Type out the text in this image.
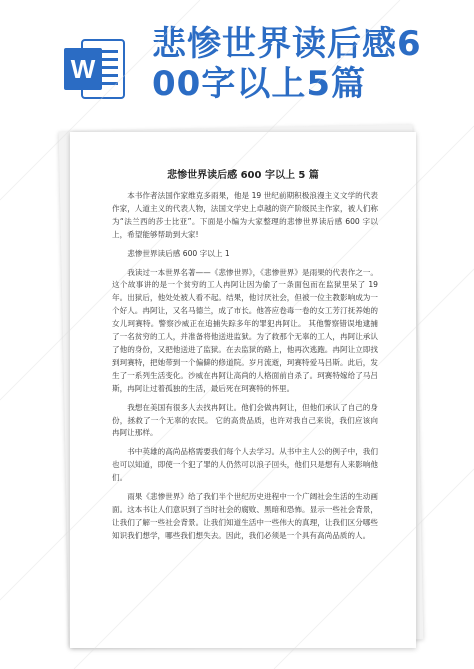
W
悲惨世界读后感6
00字以上5篇
悲惨世界读后感 600 字以上 5 篇

本书作者法国作家维克多雨果，他是 19 世纪前期积极浪漫主义文学的代表作家，人道主义的代表人物，法国文学史上卓越的资产阶级民主作家，被人们称为“法兰西的莎士比亚”。下面是小编为大家整理的悲惨世界读后感 600 字以上，希望能够帮助到大家!

悲惨世界读后感 600 字以上 1

我读过一本世界名著——《悲惨世界》，《悲惨世界》是雨果的代表作之一。这个故事讲的是一个贫穷的工人冉阿让因为偷了一条面包而在监狱里呆了 19 年。出狱后，他处处被人看不起。结果，他讨厌社会，但被一位主教影响成为一个好人。冉阿让，又名马德兰，成了市长。他答应卷毒一卷的女工芳汀抚养她的女儿珂赛特。警察沙威正在追捕失踪多年的罪犯冉阿让。 其他警察错误地逮捕了一名贫穷的工人，并准备将他送进监狱。为了救那个无辜的工人，冉阿让承认了他的身份，又把他送进了监狱。在去监狱的路上，他再次逃跑。冉阿让立即找到珂赛特，把她带到一个偏僻的修道院。岁月流逝，珂赛特爱马吕斯。此后，发生了一系列生活变化。沙威在冉阿让高尚的人格面前自杀了。珂赛特嫁给了马吕斯，冉阿让过着孤独的生活，最后死在珂赛特的怀里。

我想在美国有很多人去找冉阿让。他们会做冉阿让，但他们承认了自己的身份，拯救了一个无辜的农民。 它的高贵品质，也许对我自己来说，我们应该向冉阿让那样。

书中英雄的高尚品格需要我们每个人去学习。从书中主人公的例子中，我们也可以知道，即使一个犯了罪的人仍然可以浪子回头，他们只是想有人来影响他们。

雨果《悲惨世界》给了我们半个世纪历史进程中一个广阔社会生活的生动画面。这本书让人们意识到了当时社会的腐败、黑暗和恐怖。显示一些社会背景，让我们了解一些社会背景。让我们知道生活中一些伟大的真理，让我们区分哪些知识我们想学，哪些我们想失去。因此，我们必须是一个具有高尚品质的人。
